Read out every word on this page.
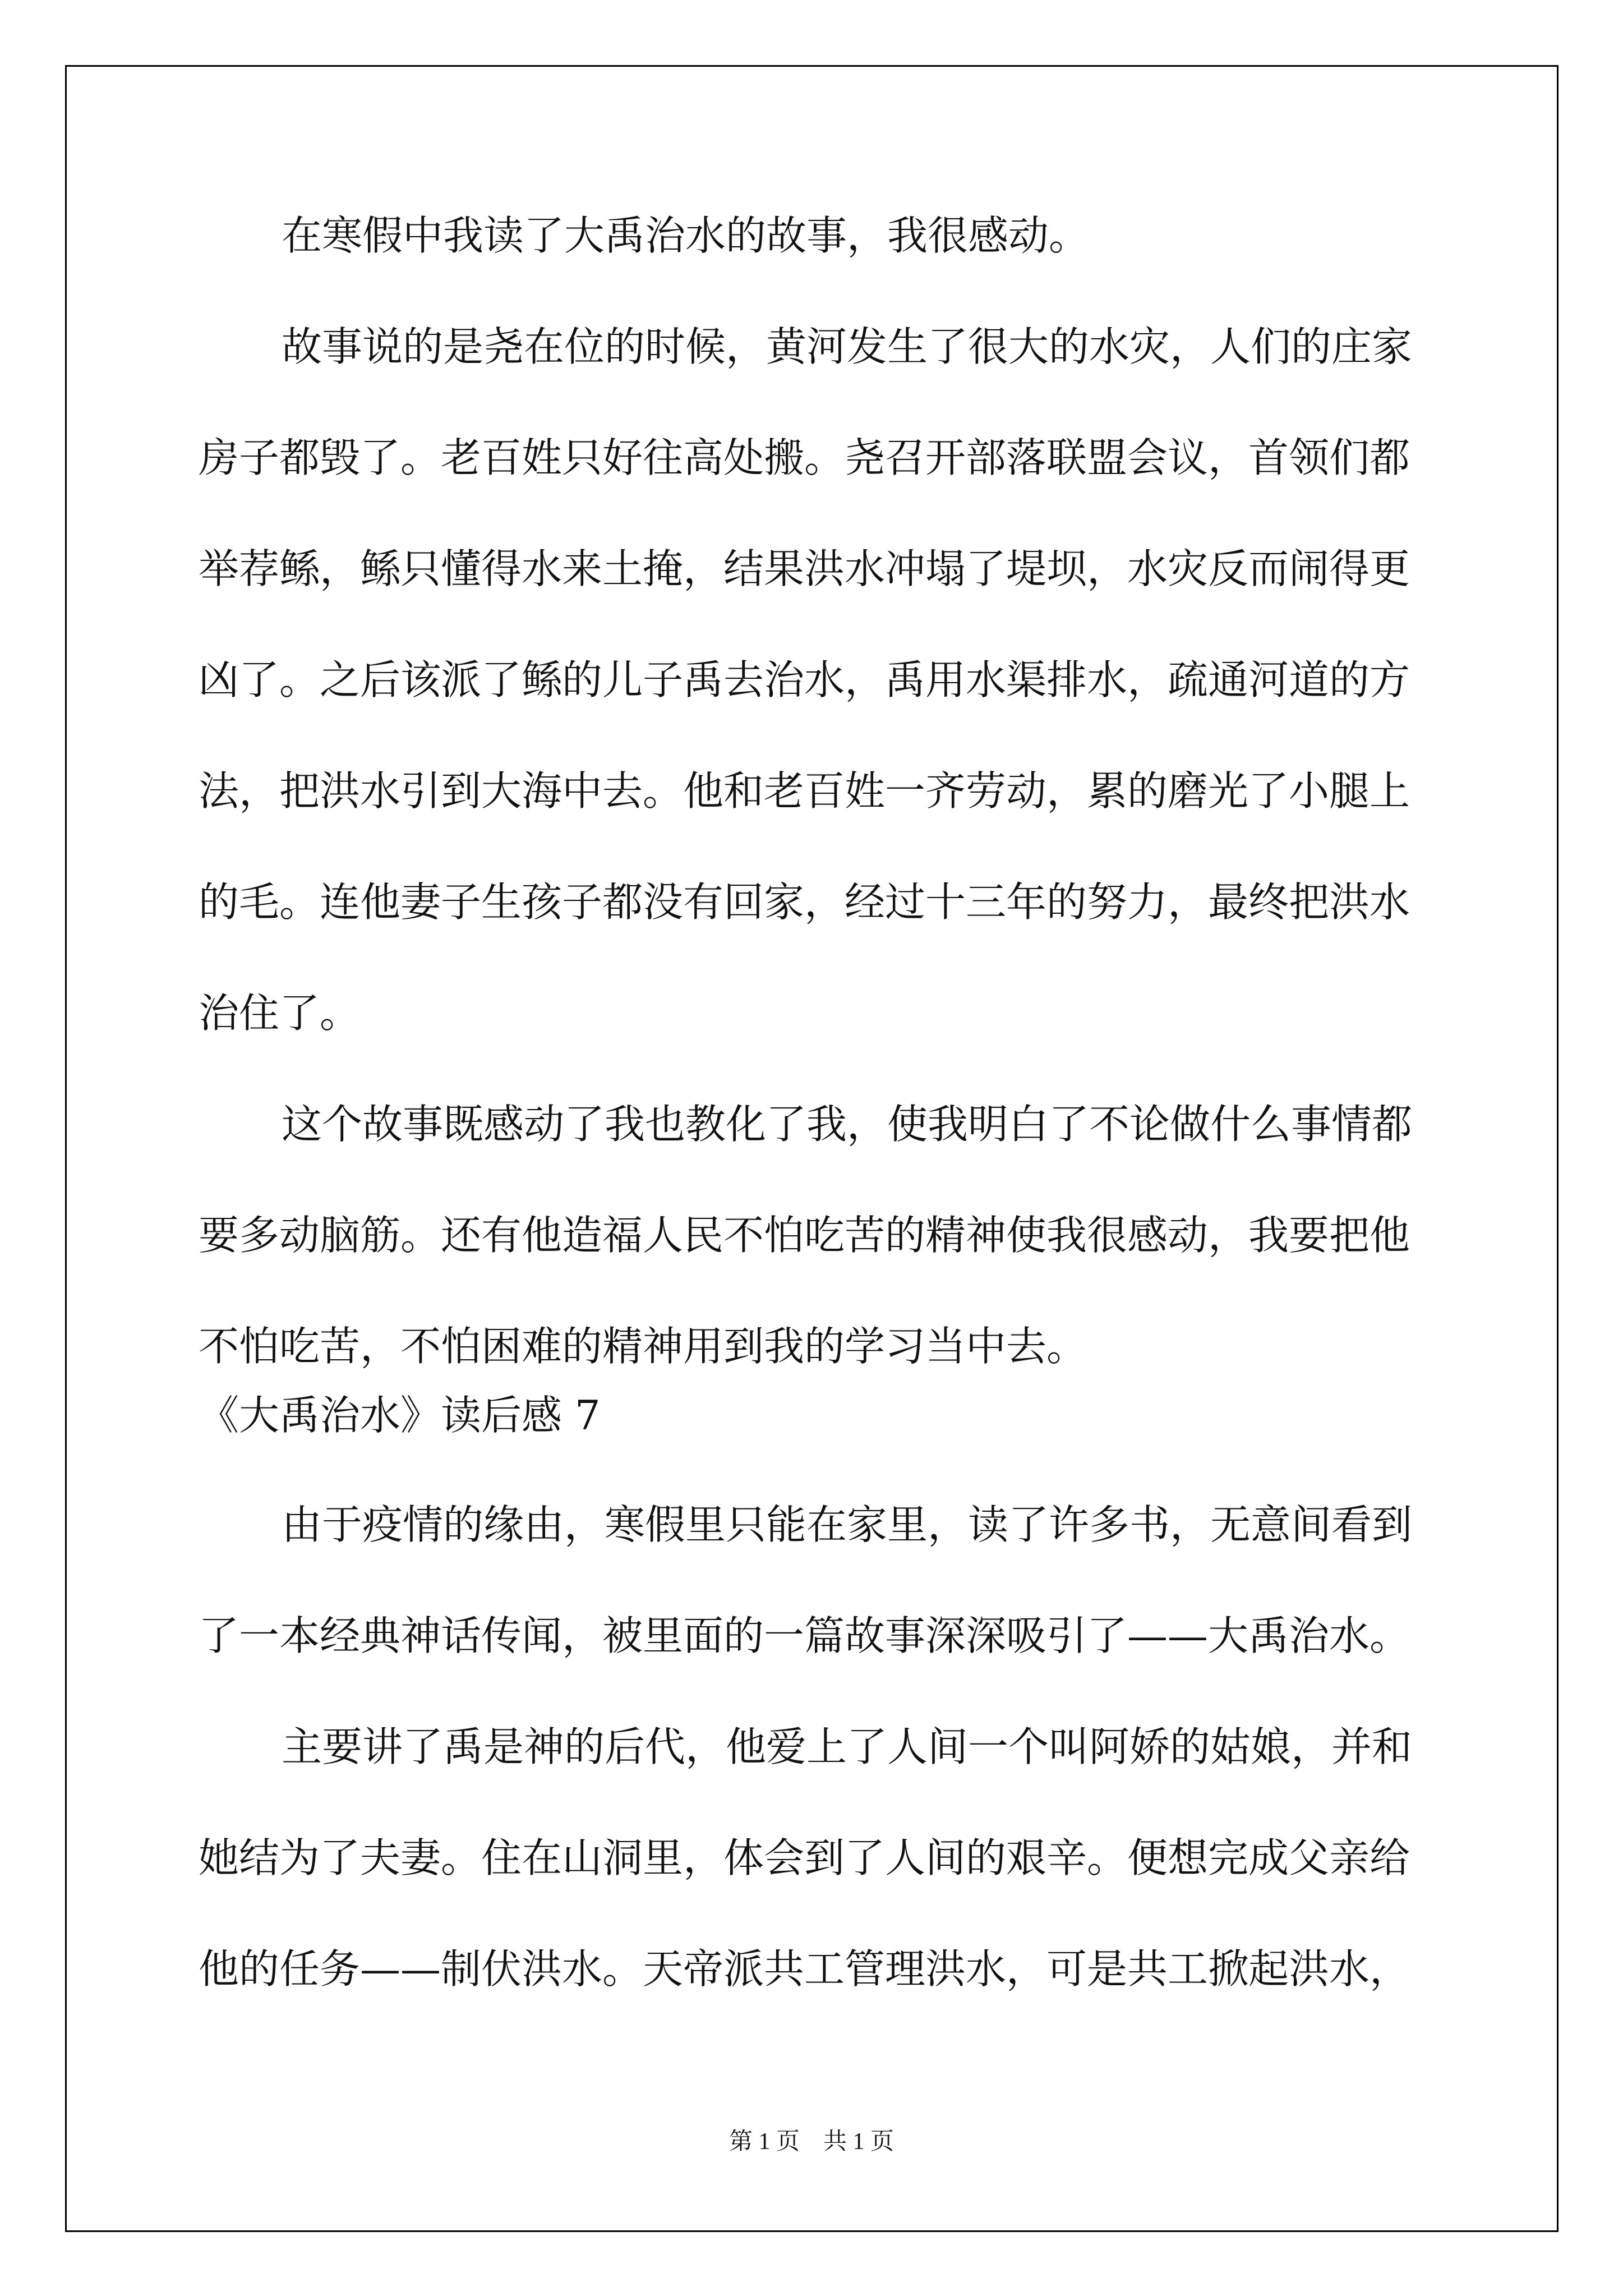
在寒假中我读了大禹治水的故事，我很感动。
故事说的是尧在位的时候，黄河发生了很大的水灾，人们的庄家
房子都毁了。老百姓只好往高处搬。尧召开部落联盟会议，首领们都
举荐鲧，鲧只懂得水来土掩，结果洪水冲塌了堤坝，水灾反而闹得更
凶了。之后该派了鲧的儿子禹去治水，禹用水渠排水，疏通河道的方
法，把洪水引到大海中去。他和老百姓一齐劳动，累的磨光了小腿上
的毛。连他妻子生孩子都没有回家，经过十三年的努力，最终把洪水
治住了。
这个故事既感动了我也教化了我，使我明白了不论做什么事情都
要多动脑筋。还有他造福人民不怕吃苦的精神使我很感动，我要把他
不怕吃苦，不怕困难的精神用到我的学习当中去。
《大禹治水》读后感 7
由于疫情的缘由，寒假里只能在家里，读了许多书，无意间看到
了一本经典神话传闻，被里面的一篇故事深深吸引了——大禹治水。
主要讲了禹是神的后代，他爱上了人间一个叫阿娇的姑娘，并和
她结为了夫妻。住在山洞里，体会到了人间的艰辛。便想完成父亲给
他的任务——制伏洪水。天帝派共工管理洪水，可是共工掀起洪水，
第 1 页　共 1 页
